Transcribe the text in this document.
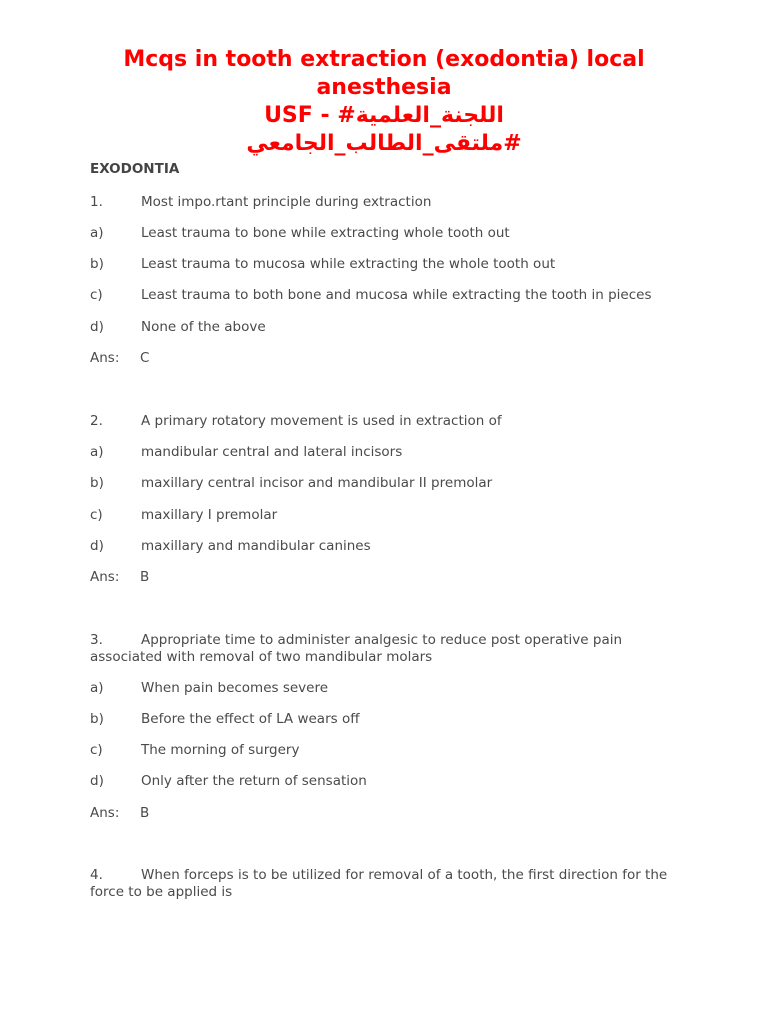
Mcqs in tooth extraction (exodontia) local
anesthesia
USF - #اللجنة_العلمية
#ملتقى_الطالب_الجامعي
EXODONTIA
1.	Most impo.rtant principle during extraction
a)	Least trauma to bone while extracting whole tooth out
b)	Least trauma to mucosa while extracting the whole tooth out
c)	Least trauma to both bone and mucosa while extracting the tooth in pieces
d)	None of the above
Ans: C
2.	A primary rotatory movement is used in extraction of
a)	mandibular central and lateral incisors
b)	maxillary central incisor and mandibular II premolar
c)	maxillary I premolar
d)	maxillary and mandibular canines
Ans: B
3.	Appropriate time to administer analgesic to reduce post operative pain
associated with removal of two mandibular molars
a)	When pain becomes severe
b)	Before the effect of LA wears off
c)	The morning of surgery
d)	Only after the return of sensation
Ans: B
4.	When forceps is to be utilized for removal of a tooth, the first direction for the
force to be applied is
